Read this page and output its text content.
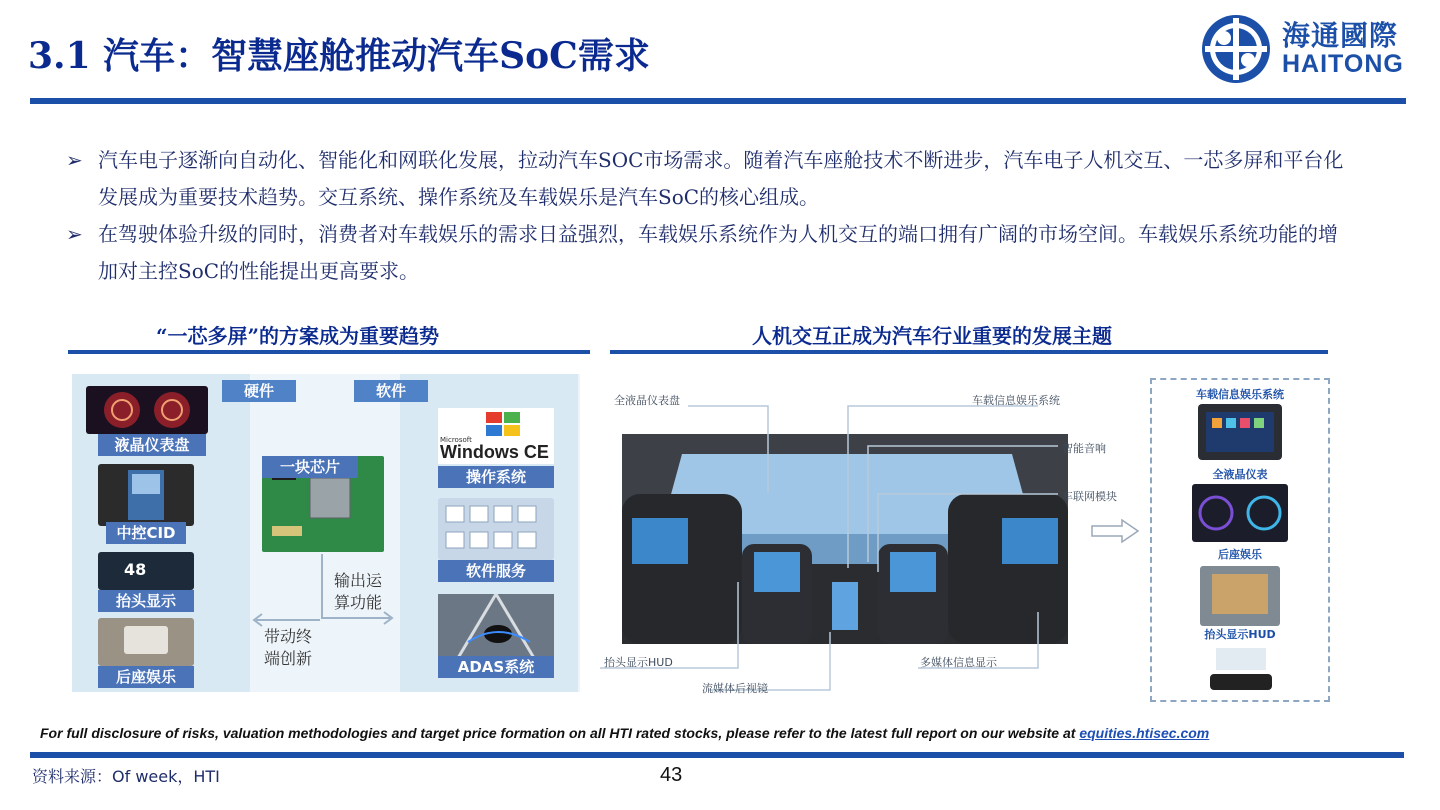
3.1 汽车：智慧座舱推动汽车SoC需求	海通國際
HAITONG
➢ 汽车电子逐渐向自动化、智能化和网联化发展，拉动汽车SOC市场需求。随着汽车座舱技术不断进步，汽车电子人机交互、一芯多屏和平台化发展成为重要技术趋势。交互系统、操作系统及车载娱乐是汽车SoC的核心组成。
➢ 在驾驶体验升级的同时，消费者对车载娱乐的需求日益强烈，车载娱乐系统作为人机交互的端口拥有广阔的市场空间。车载娱乐系统功能的增加对主控SoC的性能提出更高要求。
“一芯多屏”的方案成为重要趋势
硬件	软件
液晶仪表盘
中控CID
48
抬头显示
后座娱乐
一块芯片
输出运
算功能
带动终
端创新
Microsoft
Windows CE
操作系统
软件服务
ADAS系统
人机交互正成为汽车行业重要的发展主题
全液晶仪表盘	车载信息娱乐系统
智能音响
车联网模块
抬头显示HUD
流媒体后视镜
多媒体信息显示
车载信息娱乐系统
全液晶仪表
后座娱乐
抬头显示HUD
For full disclosure of risks, valuation methodologies and target price formation on all HTI rated stocks, please refer to the latest full report on our website at equities.htisec.com
资料来源：Of week，HTI	43
